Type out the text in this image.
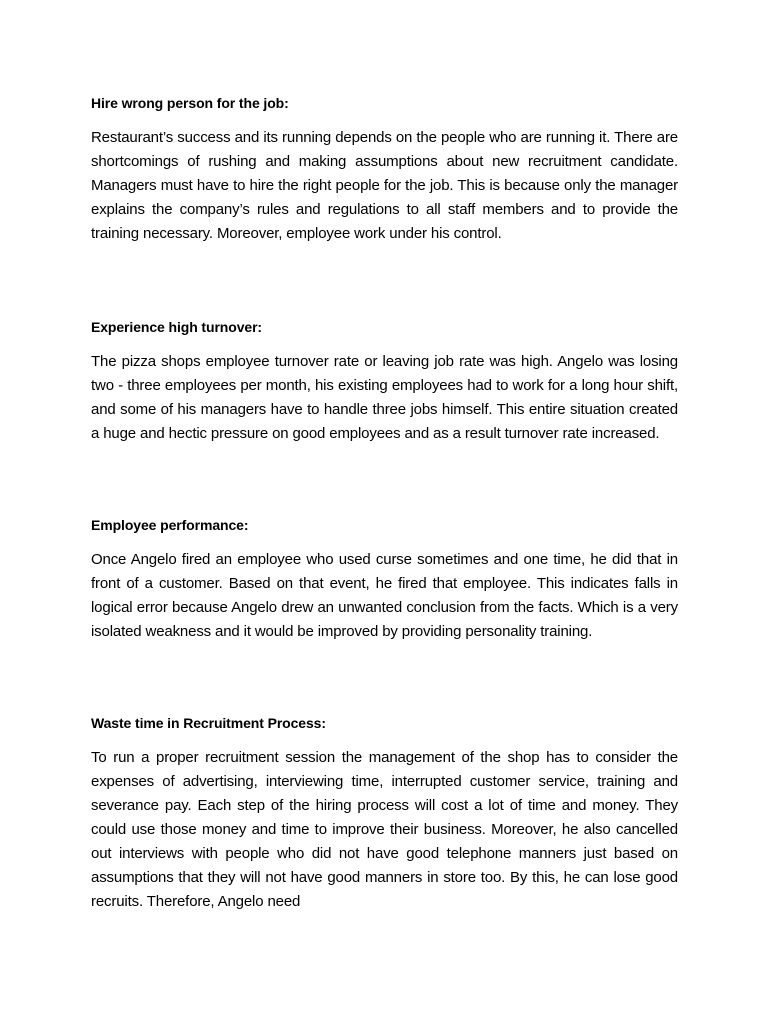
Hire wrong person for the job:

Restaurant’s success and its running depends on the people who are running it. There are shortcomings of rushing and making assumptions about new recruitment candidate. Managers must have to hire the right people for the job. This is because only the manager explains the company’s rules and regulations to all staff members and to provide the training necessary. Moreover, employee work under his control.

Experience high turnover:

The pizza shops employee turnover rate or leaving job rate was high. Angelo was losing two - three employees per month, his existing employees had to work for a long hour shift, and some of his managers have to handle three jobs himself. This entire situation created a huge and hectic pressure on good employees and as a result turnover rate increased.

Employee performance:

Once Angelo fired an employee who used curse sometimes and one time, he did that in front of a customer. Based on that event, he fired that employee. This indicates falls in logical error because Angelo drew an unwanted conclusion from the facts. Which is a very isolated weakness and it would be improved by providing personality training.

Waste time in Recruitment Process:

To run a proper recruitment session the management of the shop has to consider the expenses of advertising, interviewing time, interrupted customer service, training and severance pay. Each step of the hiring process will cost a lot of time and money. They could use those money and time to improve their business. Moreover, he also cancelled out interviews with people who did not have good telephone manners just based on assumptions that they will not have good manners in store too. By this, he can lose good recruits. Therefore, Angelo need
